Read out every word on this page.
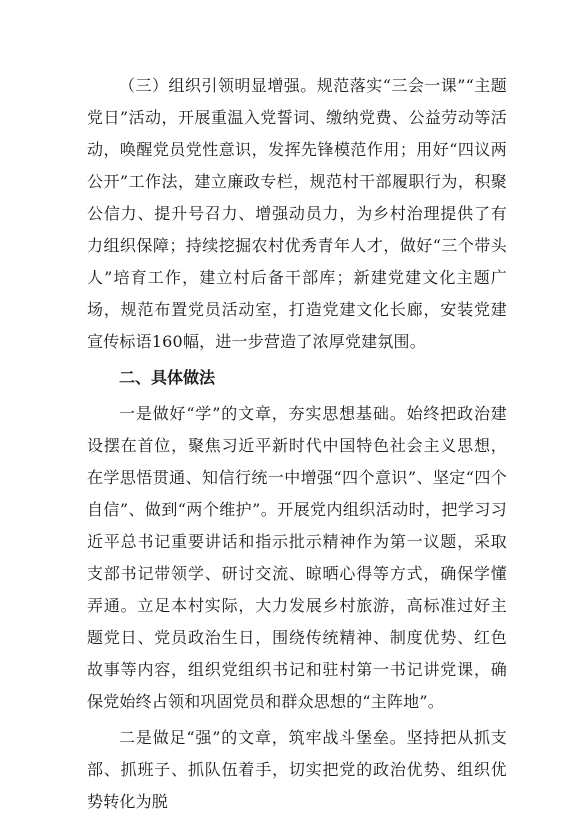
（三）组织引领明显增强。规范落实“三会一课”“主题党日”活动，开展重温入党誓词、缴纳党费、公益劳动等活动，唤醒党员党性意识，发挥先锋模范作用；用好“四议两公开”工作法，建立廉政专栏，规范村干部履职行为，积聚公信力、提升号召力、增强动员力，为乡村治理提供了有力组织保障；持续挖掘农村优秀青年人才，做好“三个带头人”培育工作，建立村后备干部库；新建党建文化主题广场，规范布置党员活动室，打造党建文化长廊，安装党建宣传标语160幅，进一步营造了浓厚党建氛围。

二、具体做法

一是做好“学”的文章，夯实思想基础。始终把政治建设摆在首位，聚焦习近平新时代中国特色社会主义思想，在学思悟贯通、知信行统一中增强“四个意识”、坚定“四个自信”、做到“两个维护”。开展党内组织活动时，把学习习近平总书记重要讲话和指示批示精神作为第一议题，采取支部书记带领学、研讨交流、晾晒心得等方式，确保学懂弄通。立足本村实际，大力发展乡村旅游，高标准过好主题党日、党员政治生日，围绕传统精神、制度优势、红色故事等内容，组织党组织书记和驻村第一书记讲党课，确保党始终占领和巩固党员和群众思想的“主阵地”。

二是做足“强”的文章，筑牢战斗堡垒。坚持把从抓支部、抓班子、抓队伍着手，切实把党的政治优势、组织优势转化为脱
